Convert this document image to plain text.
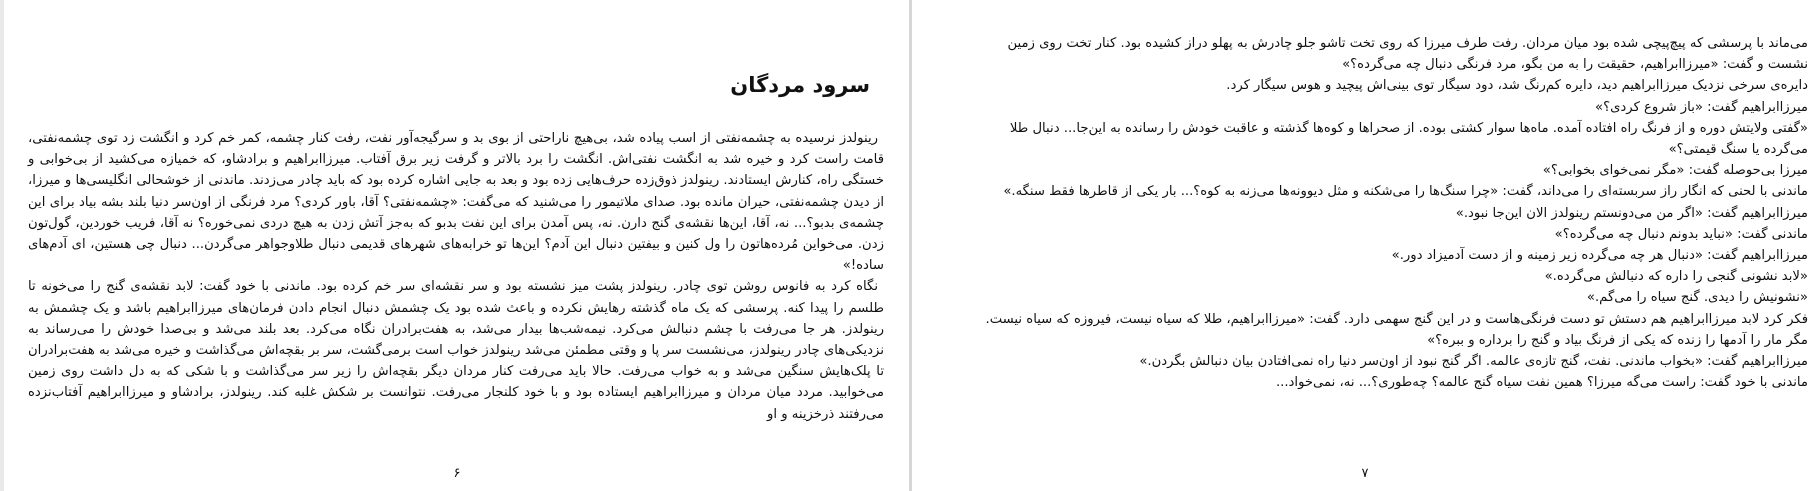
سرود مردگان

رینولدز نرسیده به چشمه‌نفتی از اسب پیاده شد، بی‌هیچ ناراحتی از بوی بد و سرگیجه‌آور نفت، رفت کنار چشمه، کمر خم کرد و انگشت زد توی چشمه‌نفتی، قامت راست کرد و خیره شد به انگشت نفتی‌اش. انگشت را برد بالاتر و گرفت زیر برق آفتاب. میرزاابراهیم و برادشاو، که خمیازه می‌کشید از بی‌خوابی و خستگی راه، کنارش ایستادند. رینولدز ذوق‌زده حرف‌هایی زده بود و بعد به جایی اشاره کرده بود که باید چادر می‌زدند. ماندنی از خوشحالی انگلیسی‌ها و میرزا، از دیدن چشمه‌نفتی، حیران مانده بود. صدای ملاتیمور را می‌شنید که می‌گفت: «چشمه‌نفتی؟ آقا، باور کردی؟ مرد فرنگی از اون‌سر دنیا بلند بشه بیاد برای این چشمه‌ی بدبو؟... نه، آقا، این‌ها نقشه‌ی گنج دارن. نه، پس آمدن برای این نفت بدبو که به‌جز آتش زدن به هیچ دردی نمی‌خوره؟ نه آقا، فریب خوردین، گول‌تون زدن. می‌خواین مُرده‌هاتون را ول کنین و بیفتین دنبال این آدم؟ این‌ها تو خرابه‌های شهرهای قدیمی دنبال طلاوجواهر می‌گردن... دنبال چی هستین، ای آدم‌های ساده!»

نگاه کرد به فانوس روشن توی چادر. رینولدز پشت میز نشسته بود و سر نقشه‌ای سر خم کرده بود. ماندنی با خود گفت: لابد نقشه‌ی گنج را می‌خونه تا طلسم را پیدا کنه. پرسشی که یک ماه گذشته رهایش نکرده و باعث شده بود یک چشمش دنبال انجام دادن فرمان‌های میرزاابراهیم باشد و یک چشمش به رینولدز. هر جا می‌رفت با چشم دنبالش می‌کرد. نیمه‌شب‌ها بیدار می‌شد، به هفت‌برادران نگاه می‌کرد. بعد بلند می‌شد و بی‌صدا خودش را می‌رساند به نزدیکی‌های چادر رینولدز، می‌نشست سر پا و وقتی مطمئن می‌شد رینولدز خواب است برمی‌گشت، سر بر بقچه‌اش می‌گذاشت و خیره می‌شد به هفت‌برادران تا پلک‌هایش سنگین می‌شد و به خواب می‌رفت. حالا باید می‌رفت کنار مردان دیگر بقچه‌اش را زیر سر می‌گذاشت و با شکی که به دل داشت روی زمین می‌خوابید. مردد میان مردان و میرزاابراهیم ایستاده بود و با خود کلنجار می‌رفت. نتوانست بر شکش غلبه کند. رینولدز، برادشاو و میرزاابراهیم آفتاب‌نزده می‌رفتند ذرخزینه و او

۶

می‌ماند با پرسشی که پیچ‌پیچی شده بود میان مردان. رفت طرف میرزا که روی تخت تاشو جلو چادرش به پهلو دراز کشیده بود. کنار تخت روی زمین

نشست و گفت: «میرزاابراهیم، حقیقت را به من بگو، مرد فرنگی دنبال چه می‌گرده؟»

دایره‌ی سرخی نزدیک میرزاابراهیم دید، دایره کم‌رنگ شد، دود سیگار توی بینی‌اش پیچید و هوس سیگار کرد.

میرزاابراهیم گفت: «باز شروع کردی؟»

«گفتی ولایتش دوره و از فرنگ راه افتاده آمده. ماه‌ها سوار کشتی بوده. از صحراها و کوه‌ها گذشته و عاقبت خودش را رسانده به این‌جا... دنبال طلا

می‌گرده یا سنگ قیمتی؟»

میرزا بی‌حوصله گفت: «مگر نمی‌خوای بخوابی؟»

ماندنی با لحنی که انگار راز سربسته‌ای را می‌داند، گفت: «چرا سنگ‌ها را می‌شکنه و مثل دیوونه‌ها می‌زنه به کوه؟... بار یکی از قاطرها فقط سنگه.»

میرزاابراهیم گفت: «اگر من می‌دونستم رینولدز الان این‌جا نبود.»

ماندنی گفت: «نباید بدونم دنبال چه می‌گرده؟»

میرزاابراهیم گفت: «دنبال هر چه می‌گرده زیر زمینه و از دست آدمیزاد دور.»

«لابد نشونی گنجی را داره که دنبالش می‌گرده.»

«نشونیش را دیدی. گنج سیاه را می‌گم.»

فکر کرد لابد میرزاابراهیم هم دستش تو دست فرنگی‌هاست و در این گنج سهمی دارد. گفت: «میرزاابراهیم، طلا که سیاه نیست، فیروزه که سیاه نیست.

مگر مار را آدمها را زنده که یکی از فرنگ بیاد و گنج را برداره و ببره؟»

میرزاابراهیم گفت: «بخواب ماندنی. نفت، گنج تازه‌ی عالمه. اگر گنج نبود از اون‌سر دنیا راه نمی‌افتادن بیان دنبالش بگردن.»

ماندنی با خود گفت: راست می‌گه میرزا؟ همین نفت سیاه گنج عالمه؟ چه‌طوری؟... نه، نمی‌خواد...

۷
